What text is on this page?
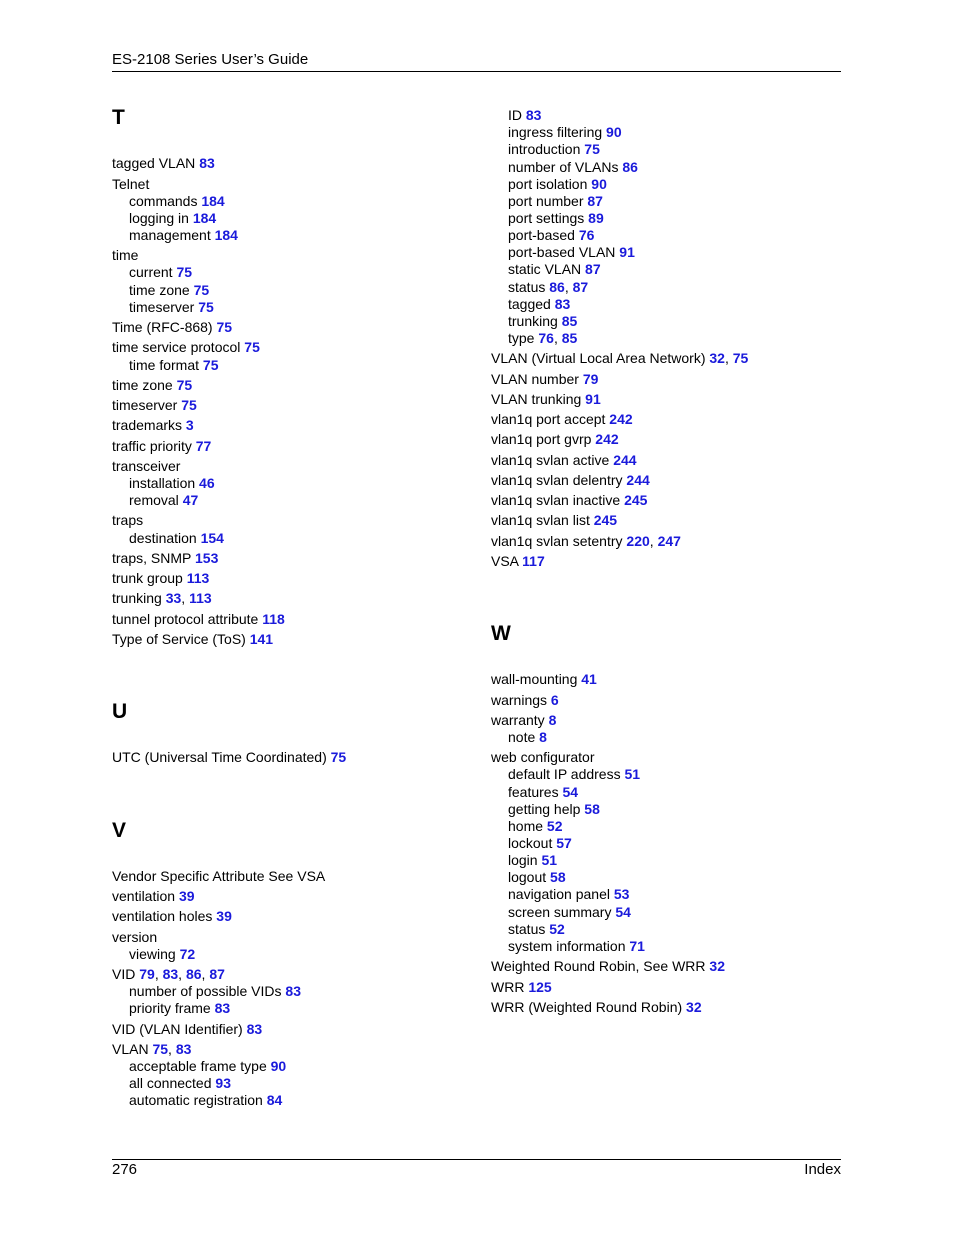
ES-2108 Series User’s Guide
T
tagged VLAN 83
Telnet
commands 184
logging in 184
management 184
time
current 75
time zone 75
timeserver 75
Time (RFC-868) 75
time service protocol 75
time format 75
time zone 75
timeserver 75
trademarks 3
traffic priority 77
transceiver
installation 46
removal 47
traps
destination 154
traps, SNMP 153
trunk group 113
trunking 33, 113
tunnel protocol attribute 118
Type of Service (ToS) 141
U
UTC (Universal Time Coordinated) 75
V
Vendor Specific Attribute See VSA
ventilation 39
ventilation holes 39
version
viewing 72
VID 79, 83, 86, 87
number of possible VIDs 83
priority frame 83
VID (VLAN Identifier) 83
VLAN 75, 83
acceptable frame type 90
all connected 93
automatic registration 84
ID 83
ingress filtering 90
introduction 75
number of VLANs 86
port isolation 90
port number 87
port settings 89
port-based 76
port-based VLAN 91
static VLAN 87
status 86, 87
tagged 83
trunking 85
type 76, 85
VLAN (Virtual Local Area Network) 32, 75
VLAN number 79
VLAN trunking 91
vlan1q port accept 242
vlan1q port gvrp 242
vlan1q svlan active 244
vlan1q svlan delentry 244
vlan1q svlan inactive 245
vlan1q svlan list 245
vlan1q svlan setentry 220, 247
VSA 117
W
wall-mounting 41
warnings 6
warranty 8
note 8
web configurator
default IP address 51
features 54
getting help 58
home 52
lockout 57
login 51
logout 58
navigation panel 53
screen summary 54
status 52
system information 71
Weighted Round Robin, See WRR 32
WRR 125
WRR (Weighted Round Robin) 32
276	Index
